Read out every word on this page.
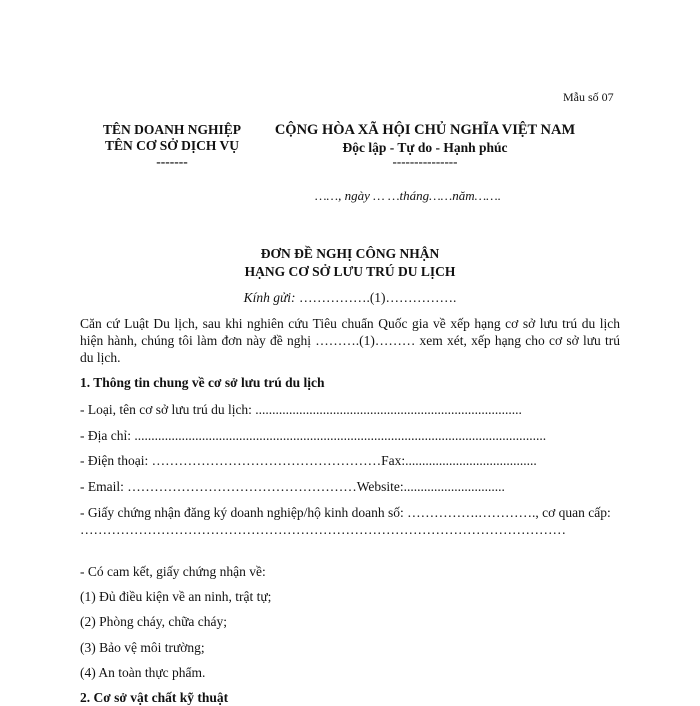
Mẫu số 07
TÊN DOANH NGHIỆP
TÊN CƠ SỞ DỊCH VỤ
-------
CỘNG HÒA XÃ HỘI CHỦ NGHĨA VIỆT NAM
Độc lập - Tự do - Hạnh phúc
---------------
……, ngày … …tháng……năm…….
ĐƠN ĐỀ NGHỊ CÔNG NHẬN
HẠNG CƠ SỞ LƯU TRÚ DU LỊCH
Kính gửi: …………….(1)…………….
Căn cứ Luật Du lịch, sau khi nghiên cứu Tiêu chuẩn Quốc gia về xếp hạng cơ sở lưu trú du lịch hiện hành, chúng tôi làm đơn này đề nghị ……….(1)……… xem xét, xếp hạng cho cơ sở lưu trú du lịch.
1. Thông tin chung về cơ sở lưu trú du lịch
- Loại, tên cơ sở lưu trú du lịch: ...............................................................................
- Địa chỉ: ..........................................................................................................................
- Điện thoại: ……………………………………………Fax:.......................................
- Email: ……………………………………………Website:..............................
- Giấy chứng nhận đăng ký doanh nghiệp/hộ kinh doanh số: …………….…………., cơ quan cấp: ………………………………………………………………………………………………
- Có cam kết, giấy chứng nhận về:
(1) Đủ điều kiện về an ninh, trật tự;
(2) Phòng cháy, chữa cháy;
(3) Bảo vệ môi trường;
(4) An toàn thực phẩm.
2. Cơ sở vật chất kỹ thuật
